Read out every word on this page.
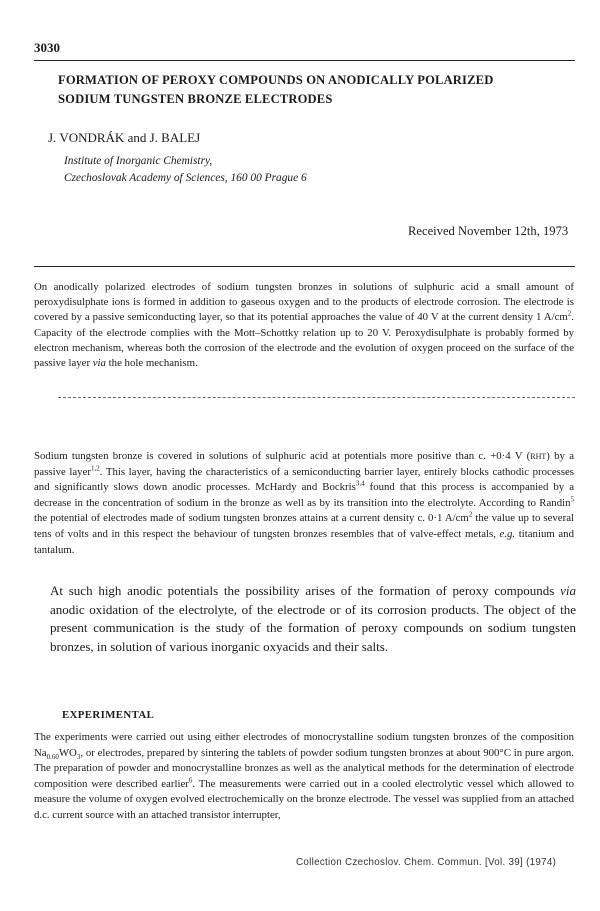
3030
FORMATION OF PEROXY COMPOUNDS ON ANODICALLY POLARIZED
SODIUM TUNGSTEN BRONZE ELECTRODES
J. VONDRÁK and J. BALEJ
Institute of Inorganic Chemistry,
Czechoslovak Academy of Sciences, 160 00 Prague 6
Received November 12th, 1973

On anodically polarized electrodes of sodium tungsten bronzes in solutions of sulphuric acid a small amount of peroxydisulphate ions is formed in addition to gaseous oxygen and to the products of electrode corrosion. The electrode is covered by a passive semiconducting layer, so that its potential approaches the value of 40 V at the current density 1 $A/cm^2$. Capacity of the electrode complies with the Mott–Schottky relation up to 20 V. Peroxydisulphate is probably formed by electron mechanism, whereas both the corrosion of the electrode and the evolution of oxygen proceed on the surface of the passive layer via the hole mechanism.

Sodium tungsten bronze is covered in solutions of sulphuric acid at potentials more positive than c. +0·4 V (rht) by a passive layer$^{1,2}$. This layer, having the characteristics of a semiconducting barrier layer, entirely blocks cathodic processes and significantly slows down anodic processes. McHardy and Bockris$^{3,4}$ found that this process is accompanied by a decrease in the concentration of sodium in the bronze as well as by its transition into the electrolyte. According to Randin$^5$ the potential of electrodes made of sodium tungsten bronzes attains at a current density c. 0·1 $A/cm^2$ the value up to several tens of volts and in this respect the behaviour of tungsten bronzes resembles that of valve-effect metals, e.g. titanium and tantalum.

At such high anodic potentials the possibility arises of the formation of peroxy compounds via anodic oxidation of the electrolyte, of the electrode or of its corrosion products. The object of the present communication is the study of the formation of peroxy compounds on sodium tungsten bronzes, in solution of various inorganic oxyacids and their salts.

EXPERIMENTAL

The experiments were carried out using either electrodes of monocrystalline sodium tungsten bronzes of the composition $Na_{0.60}WO_3$, or electrodes, prepared by sintering the tablets of powder sodium tungsten bronzes at about 900°C in pure argon. The preparation of powder and monocrystalline bronzes as well as the analytical methods for the determination of electrode composition were described earlier$^6$. The measurements were carried out in a cooled electrolytic vessel which allowed to measure the volume of oxygen evolved electrochemically on the bronze electrode. The vessel was supplied from an attached d.c. current source with an attached transistor interrupter,

Collection Czechoslov. Chem. Commun. [Vol. 39] (1974)
